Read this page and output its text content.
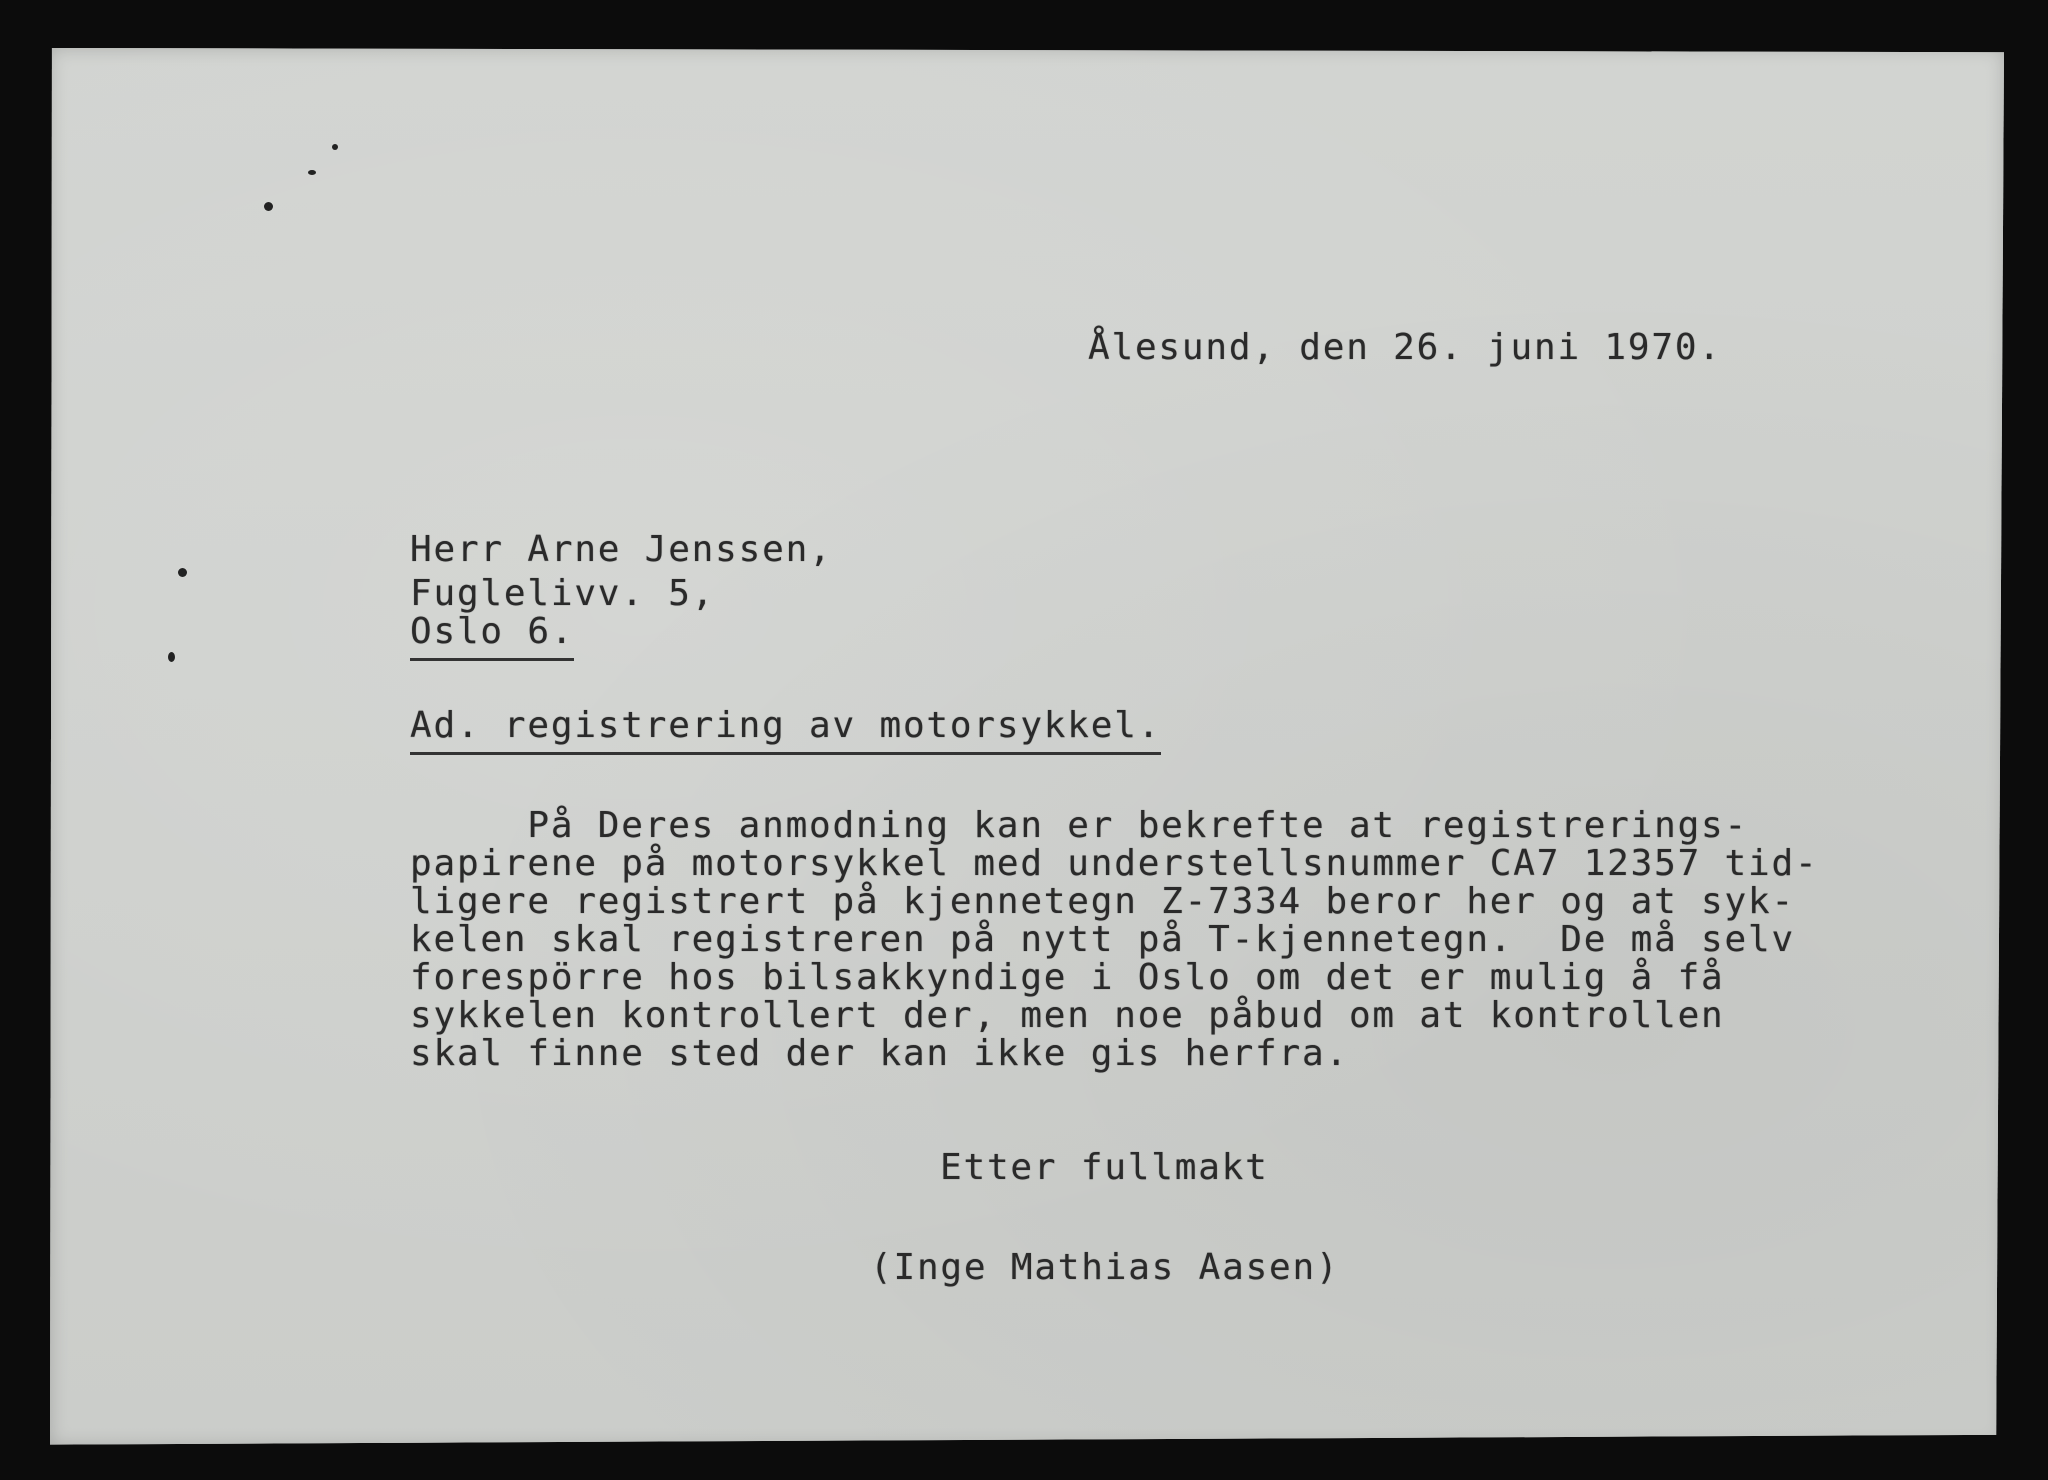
Ålesund, den 26. juni 1970.
Herr Arne Jenssen,
Fuglelivv. 5,
Oslo 6.
Ad. registrering av motorsykkel.
På Deres anmodning kan er bekrefte at registrerings-
papirene på motorsykkel med understellsnummer CA7 12357 tid-
ligere registrert på kjennetegn Z-7334 beror her og at syk-
kelen skal registreren på nytt på T-kjennetegn.  De må selv
forespörre hos bilsakkyndige i Oslo om det er mulig å få
sykkelen kontrollert der, men noe påbud om at kontrollen
skal finne sted der kan ikke gis herfra.
Etter fullmakt
(Inge Mathias Aasen)
